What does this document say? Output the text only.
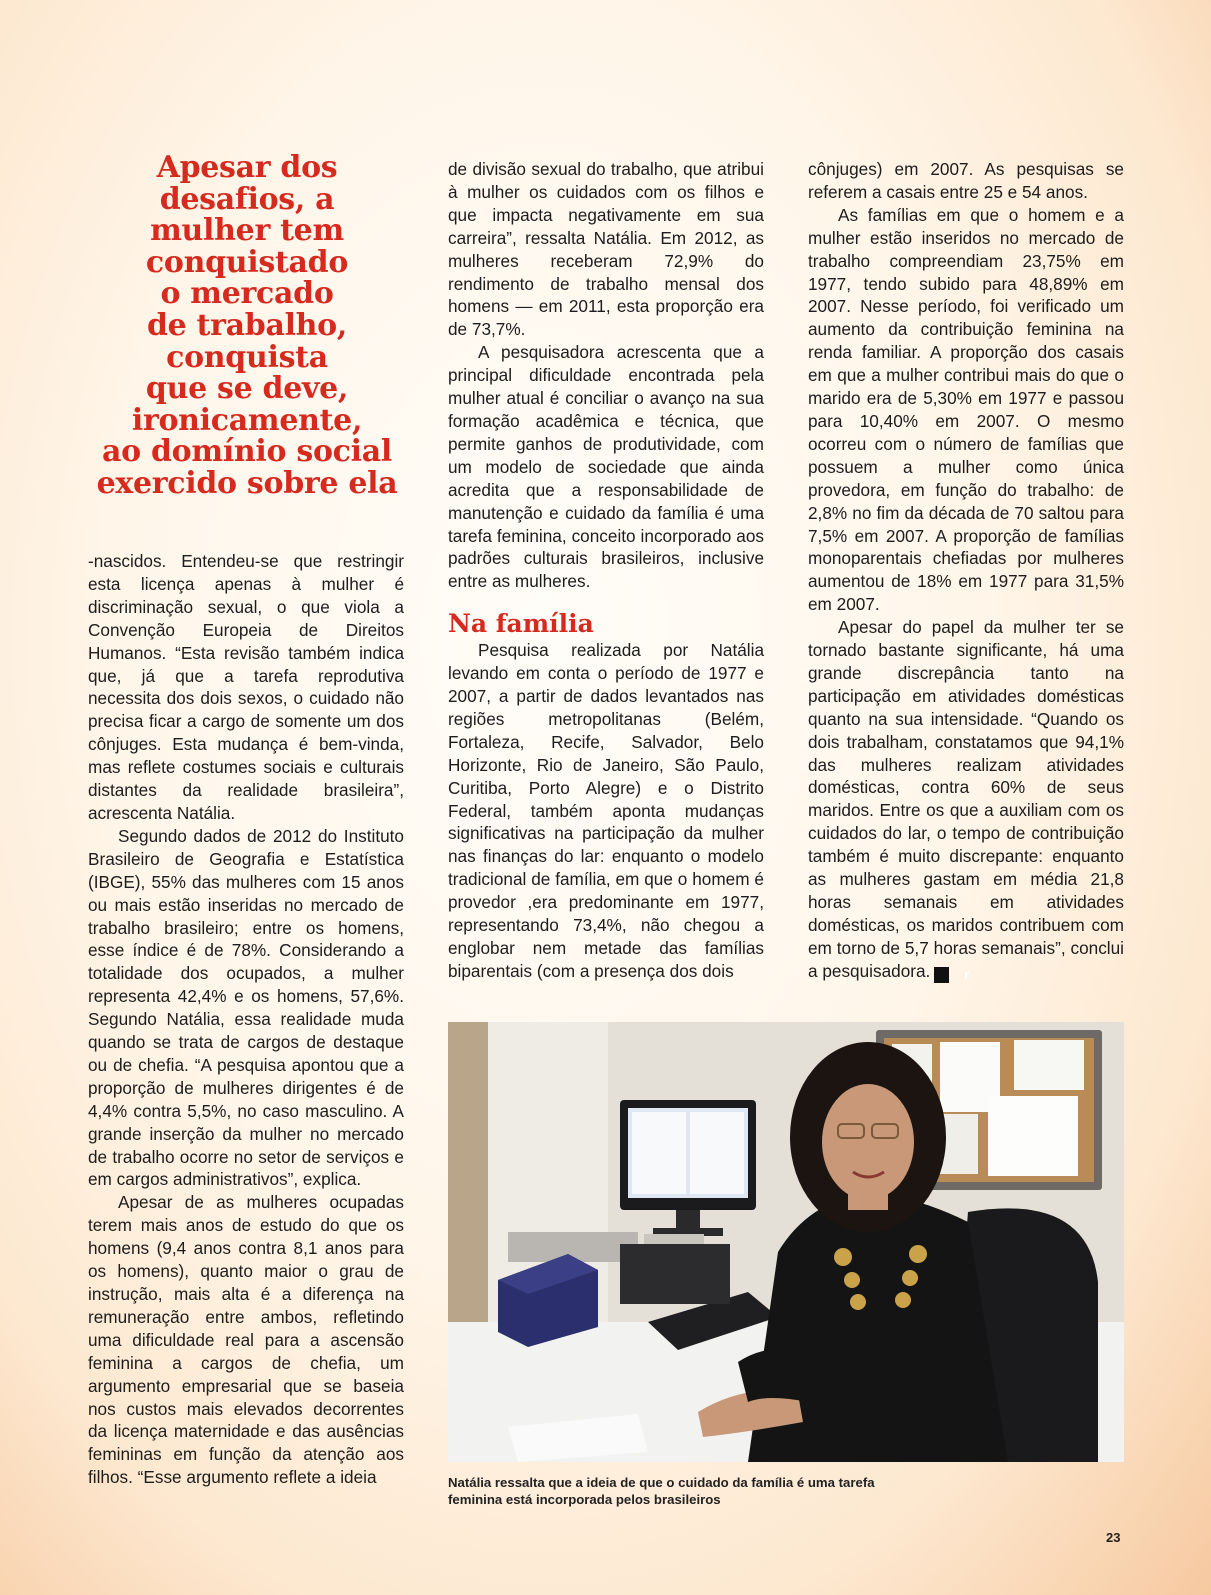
Apesar dos
desafios, a
mulher tem
conquistado
o mercado
de trabalho,
conquista
que se deve,
ironicamente,
ao domínio social
exercido sobre ela

-nascidos. Entendeu-se que restringir esta licença apenas à mulher é discriminação sexual, o que viola a Convenção Europeia de Direitos Humanos. “Esta revisão também indica que, já que a tarefa reprodutiva necessita dos dois sexos, o cuidado não precisa ficar a cargo de somente um dos cônjuges. Esta mudança é bem-vinda, mas reflete costumes sociais e culturais distantes da realidade brasileira”, acrescenta Natália.

Segundo dados de 2012 do Instituto Brasileiro de Geografia e Estatística (IBGE), 55% das mulheres com 15 anos ou mais estão inseridas no mercado de trabalho brasileiro; entre os homens, esse índice é de 78%. Considerando a totalidade dos ocupados, a mulher representa 42,4% e os homens, 57,6%. Segundo Natália, essa realidade muda quando se trata de cargos de destaque ou de chefia. “A pesquisa apontou que a proporção de mulheres dirigentes é de 4,4% contra 5,5%, no caso masculino. A grande inserção da mulher no mercado de trabalho ocorre no setor de serviços e em cargos administrativos”, explica.

Apesar de as mulheres ocupadas terem mais anos de estudo do que os homens (9,4 anos contra 8,1 anos para os homens), quanto maior o grau de instrução, mais alta é a diferença na remuneração entre ambos, refletindo uma dificuldade real para a ascensão feminina a cargos de chefia, um argumento empresarial que se baseia nos custos mais elevados decorrentes da licença maternidade e das ausências femininas em função da atenção aos filhos. “Esse argumento reflete a ideia

de divisão sexual do trabalho, que atribui à mulher os cuidados com os filhos e que impacta negativamente em sua carreira”, ressalta Natália. Em 2012, as mulheres receberam 72,9% do rendimento de trabalho mensal dos homens — em 2011, esta proporção era de 73,7%.

A pesquisadora acrescenta que a principal dificuldade encontrada pela mulher atual é conciliar o avanço na sua formação acadêmica e técnica, que permite ganhos de produtividade, com um modelo de sociedade que ainda acredita que a responsabilidade de manutenção e cuidado da família é uma tarefa feminina, conceito incorporado aos padrões culturais brasileiros, inclusive entre as mulheres.

Na família

Pesquisa realizada por Natália levando em conta o período de 1977 e 2007, a partir de dados levantados nas regiões metropolitanas (Belém, Fortaleza, Recife, Salvador, Belo Horizonte, Rio de Janeiro, São Paulo, Curitiba, Porto Alegre) e o Distrito Federal, também aponta mudanças significativas na participação da mulher nas finanças do lar: enquanto o modelo tradicional de família, em que o homem é provedor ,era predominante em 1977, representando 73,4%, não chegou a englobar nem metade das famílias biparentais (com a presença dos dois

cônjuges) em 2007. As pesquisas se referem a casais entre 25 e 54 anos.

As famílias em que o homem e a mulher estão inseridos no mercado de trabalho compreendiam 23,75% em 1977, tendo subido para 48,89% em 2007. Nesse período, foi verificado um aumento da contribuição feminina na renda familiar. A proporção dos casais em que a mulher contribui mais do que o marido era de 5,30% em 1977 e passou para 10,40% em 2007. O mesmo ocorreu com o número de famílias que possuem a mulher como única provedora, em função do trabalho: de 2,8% no fim da década de 70 saltou para 7,5% em 2007. A proporção de famílias monoparentais chefiadas por mulheres aumentou de 18% em 1977 para 31,5% em 2007.

Apesar do papel da mulher ter se tornado bastante significante, há uma grande discrepância tanto na participação em atividades domésticas quanto na sua intensidade. “Quando os dois trabalham, constatamos que 94,1% das mulheres realizam atividades domésticas, contra 60% de seus maridos. Entre os que a auxiliam com os cuidados do lar, o tempo de contribuição também é muito discrepante: enquanto as mulheres gastam em média 21,8 horas semanais em atividades domésticas, os maridos contribuem com em torno de 5,7 horas semanais”, conclui a pesquisadora.	r

Natália ressalta que a ideia de que o cuidado da família é uma tarefa feminina está incorporada pelos brasileiros
23
